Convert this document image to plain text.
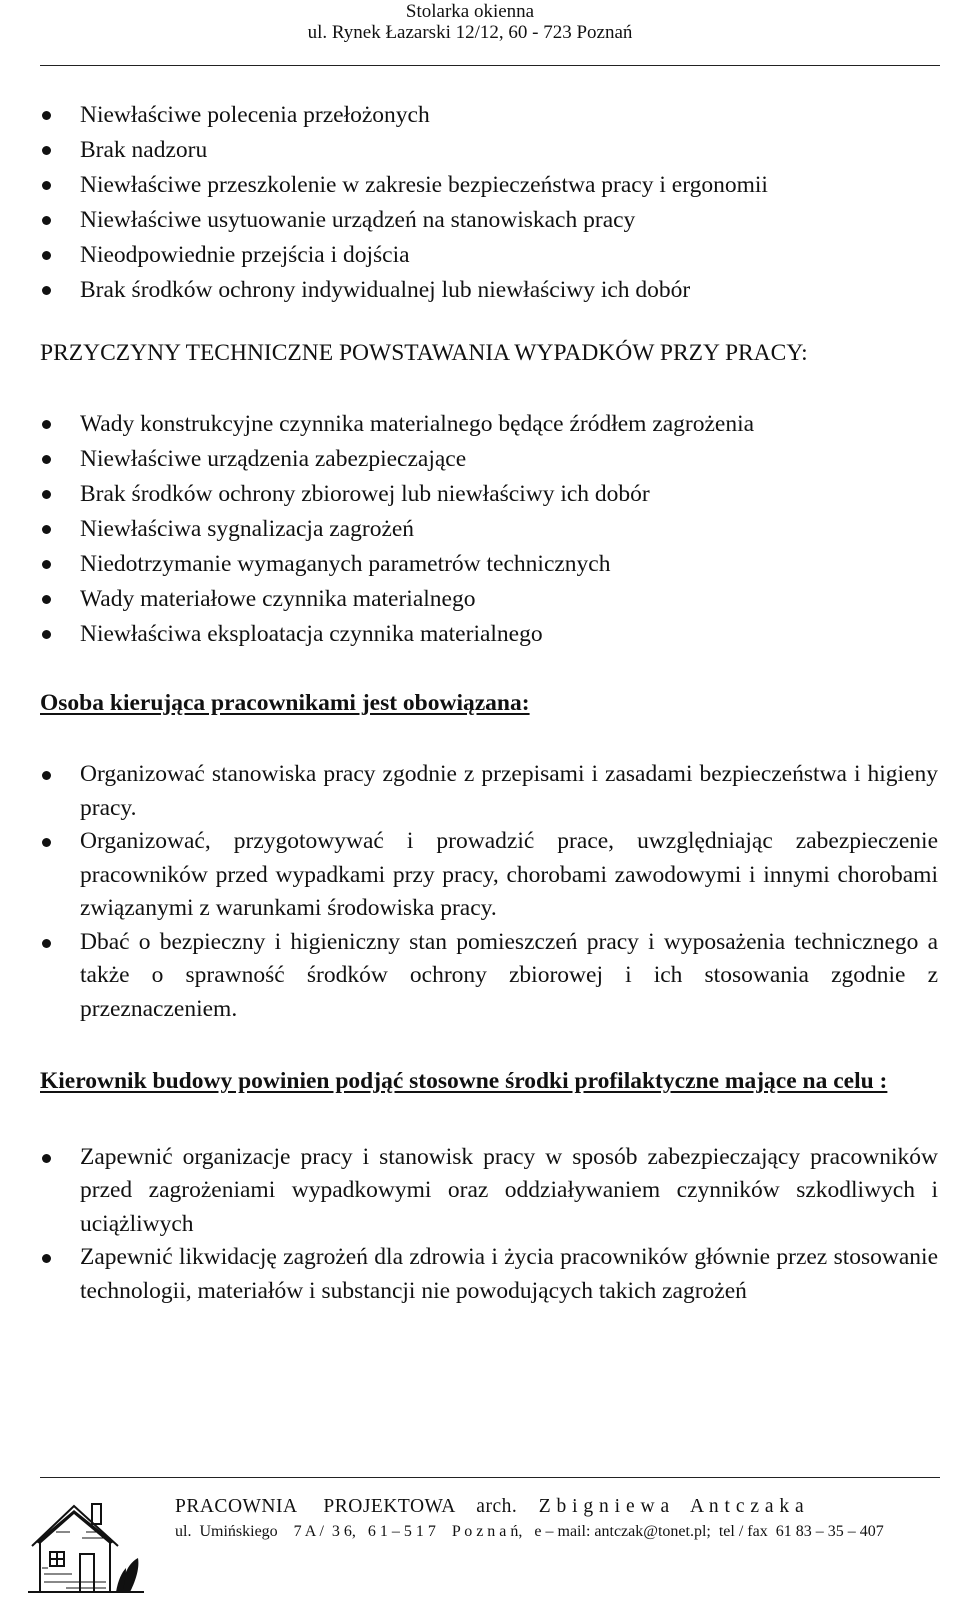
Stolarka okienna
ul. Rynek Łazarski 12/12, 60 - 723 Poznań
Niewłaściwe polecenia przełożonych
Brak nadzoru
Niewłaściwe przeszkolenie w zakresie bezpieczeństwa pracy i ergonomii
Niewłaściwe usytuowanie urządzeń na stanowiskach pracy
Nieodpowiednie przejścia i dojścia
Brak środków ochrony indywidualnej lub niewłaściwy ich dobór
PRZYCZYNY TECHNICZNE POWSTAWANIA WYPADKÓW PRZY PRACY:
Wady konstrukcyjne czynnika materialnego będące źródłem zagrożenia
Niewłaściwe urządzenia zabezpieczające
Brak środków ochrony zbiorowej lub niewłaściwy ich dobór
Niewłaściwa sygnalizacja zagrożeń
Niedotrzymanie wymaganych parametrów technicznych
Wady materiałowe czynnika materialnego
Niewłaściwa eksploatacja czynnika materialnego
Osoba kierująca pracownikami jest obowiązana:
Organizować stanowiska pracy zgodnie z przepisami i zasadami bezpieczeństwa i higieny pracy.
Organizować, przygotowywać i prowadzić prace, uwzględniając zabezpieczenie pracowników przed wypadkami przy pracy, chorobami zawodowymi i innymi chorobami związanymi z warunkami środowiska pracy.
Dbać o bezpieczny i higieniczny stan pomieszczeń pracy i wyposażenia technicznego a także o sprawność środków ochrony zbiorowej i ich stosowania zgodnie z przeznaczeniem.
Kierownik budowy powinien podjąć stosowne środki profilaktyczne mające na celu :
Zapewnić organizacje pracy i stanowisk pracy w sposób zabezpieczający pracowników przed zagrożeniami wypadkowymi oraz oddziaływaniem czynników szkodliwych i uciążliwych
Zapewnić likwidację zagrożeń dla zdrowia i życia pracowników głównie przez stosowanie technologii, materiałów i substancji nie powodujących takich zagrożeń
PRACOWNIA     PROJEKTOWA    arch.    Z b i g n i e w a    A n t c z a k a
ul.  Umińskiego    7 A /  3 6,   6 1 – 5 1 7    P o z n a ń,   e – mail: antczak@tonet.pl;  tel / fax  61 83 – 35 – 407
